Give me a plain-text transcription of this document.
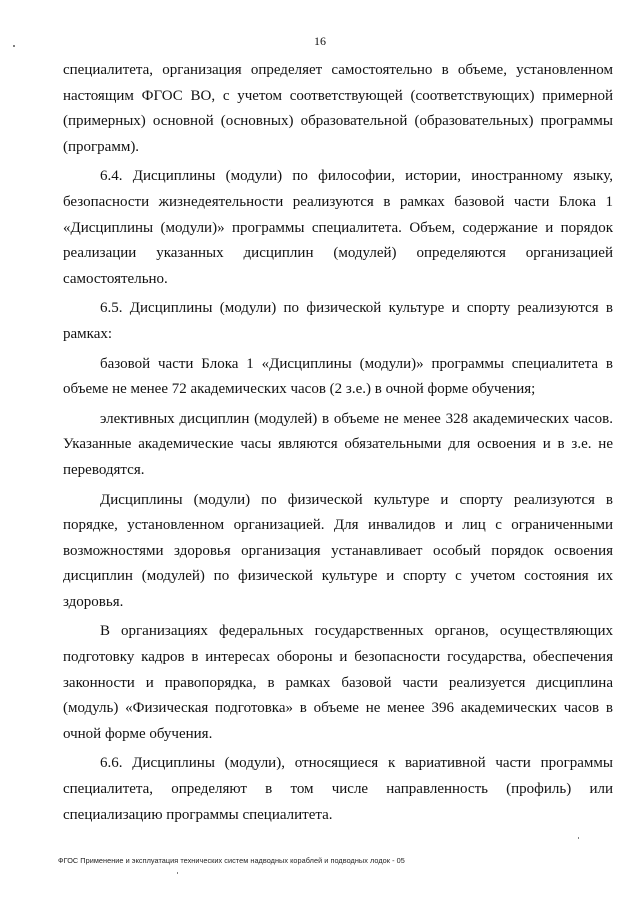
16

специалитета, организация определяет самостоятельно в объеме, установленном настоящим ФГОС ВО, с учетом соответствующей (соответствующих) примерной (примерных) основной (основных) образовательной (образовательных) программы (программ).

6.4. Дисциплины (модули) по философии, истории, иностранному языку, безопасности жизнедеятельности реализуются в рамках базовой части Блока 1 «Дисциплины (модули)» программы специалитета. Объем, содержание и порядок реализации указанных дисциплин (модулей) определяются организацией самостоятельно.

6.5. Дисциплины (модули) по физической культуре и спорту реализуются в рамках:

базовой части Блока 1 «Дисциплины (модули)» программы специалитета в объеме не менее 72 академических часов (2 з.е.) в очной форме обучения;

элективных дисциплин (модулей) в объеме не менее 328 академических часов. Указанные академические часы являются обязательными для освоения и в з.е. не переводятся.

Дисциплины (модули) по физической культуре и спорту реализуются в порядке, установленном организацией. Для инвалидов и лиц с ограниченными возможностями здоровья организация устанавливает особый порядок освоения дисциплин (модулей) по физической культуре и спорту с учетом состояния их здоровья.

В организациях федеральных государственных органов, осуществляющих подготовку кадров в интересах обороны и безопасности государства, обеспечения законности и правопорядка, в рамках базовой части реализуется дисциплина (модуль) «Физическая подготовка» в объеме не менее 396 академических часов в очной форме обучения.

6.6. Дисциплины (модули), относящиеся к вариативной части программы специалитета, определяют в том числе направленность (профиль) или специализацию программы специалитета.

ФГОС Применение и эксплуатация технических систем надводных кораблей и подводных лодок - 05
